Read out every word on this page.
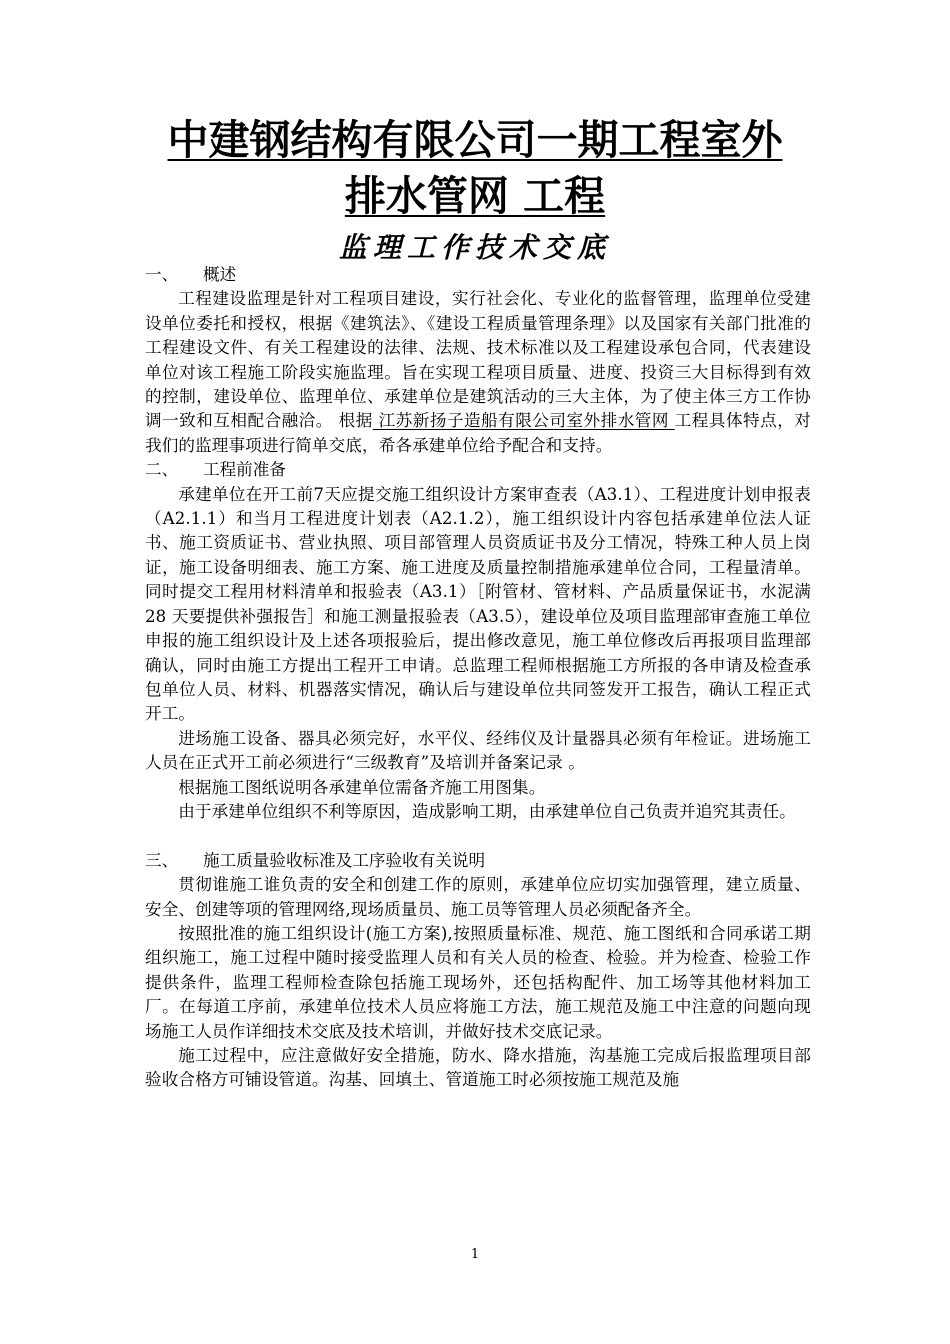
中建钢结构有限公司一期工程室外
排水管网 工程
监理工作技术交底
一、 概述

工程建设监理是针对工程项目建设，实行社会化、专业化的监督管理，监理单位受建设单位委托和授权，根据《建筑法》、《建设工程质量管理条理》以及国家有关部门批准的工程建设文件、有关工程建设的法律、法规、技术标准以及工程建设承包合同，代表建设单位对该工程施工阶段实施监理。旨在实现工程项目质量、进度、投资三大目标得到有效的控制，建设单位、监理单位、承建单位是建筑活动的三大主体，为了使主体三方工作协调一致和互相配合融洽。 根据 江苏新扬子造船有限公司室外排水管网 工程具体特点，对我们的监理事项进行简单交底，希各承建单位给予配合和支持。

二、 工程前准备

承建单位在开工前7天应提交施工组织设计方案审查表（A3.1）、工程进度计划申报表（A2.1.1）和当月工程进度计划表（A2.1.2），施工组织设计内容包括承建单位法人证书、施工资质证书、营业执照、项目部管理人员资质证书及分工情况，特殊工种人员上岗证，施工设备明细表、施工方案、施工进度及质量控制措施承建单位合同，工程量清单。同时提交工程用材料清单和报验表（A3.1）［附管材、管材料、产品质量保证书，水泥满 28 天要提供补强报告］和施工测量报验表（A3.5），建设单位及项目监理部审查施工单位申报的施工组织设计及上述各项报验后，提出修改意见，施工单位修改后再报项目监理部确认，同时由施工方提出工程开工申请。总监理工程师根据施工方所报的各申请及检查承包单位人员、材料、机器落实情况，确认后与建设单位共同签发开工报告，确认工程正式开工。

进场施工设备、器具必须完好，水平仪、经纬仪及计量器具必须有年检证。进场施工人员在正式开工前必须进行“三级教育”及培训并备案记录 。

根据施工图纸说明各承建单位需备齐施工用图集。

由于承建单位组织不利等原因，造成影响工期，由承建单位自己负责并追究其责任。

三、 施工质量验收标准及工序验收有关说明

贯彻谁施工谁负责的安全和创建工作的原则，承建单位应切实加强管理，建立质量、安全、创建等项的管理网络,现场质量员、施工员等管理人员必须配备齐全。

按照批准的施工组织设计(施工方案),按照质量标准、规范、施工图纸和合同承诺工期组织施工，施工过程中随时接受监理人员和有关人员的检查、检验。并为检查、检验工作提供条件，监理工程师检查除包括施工现场外，还包括构配件、加工场等其他材料加工厂。在每道工序前，承建单位技术人员应将施工方法，施工规范及施工中注意的问题向现场施工人员作详细技术交底及技术培训，并做好技术交底记录。

施工过程中，应注意做好安全措施，防水、降水措施，沟基施工完成后报监理项目部验收合格方可铺设管道。沟基、回填土、管道施工时必须按施工规范及施

1
